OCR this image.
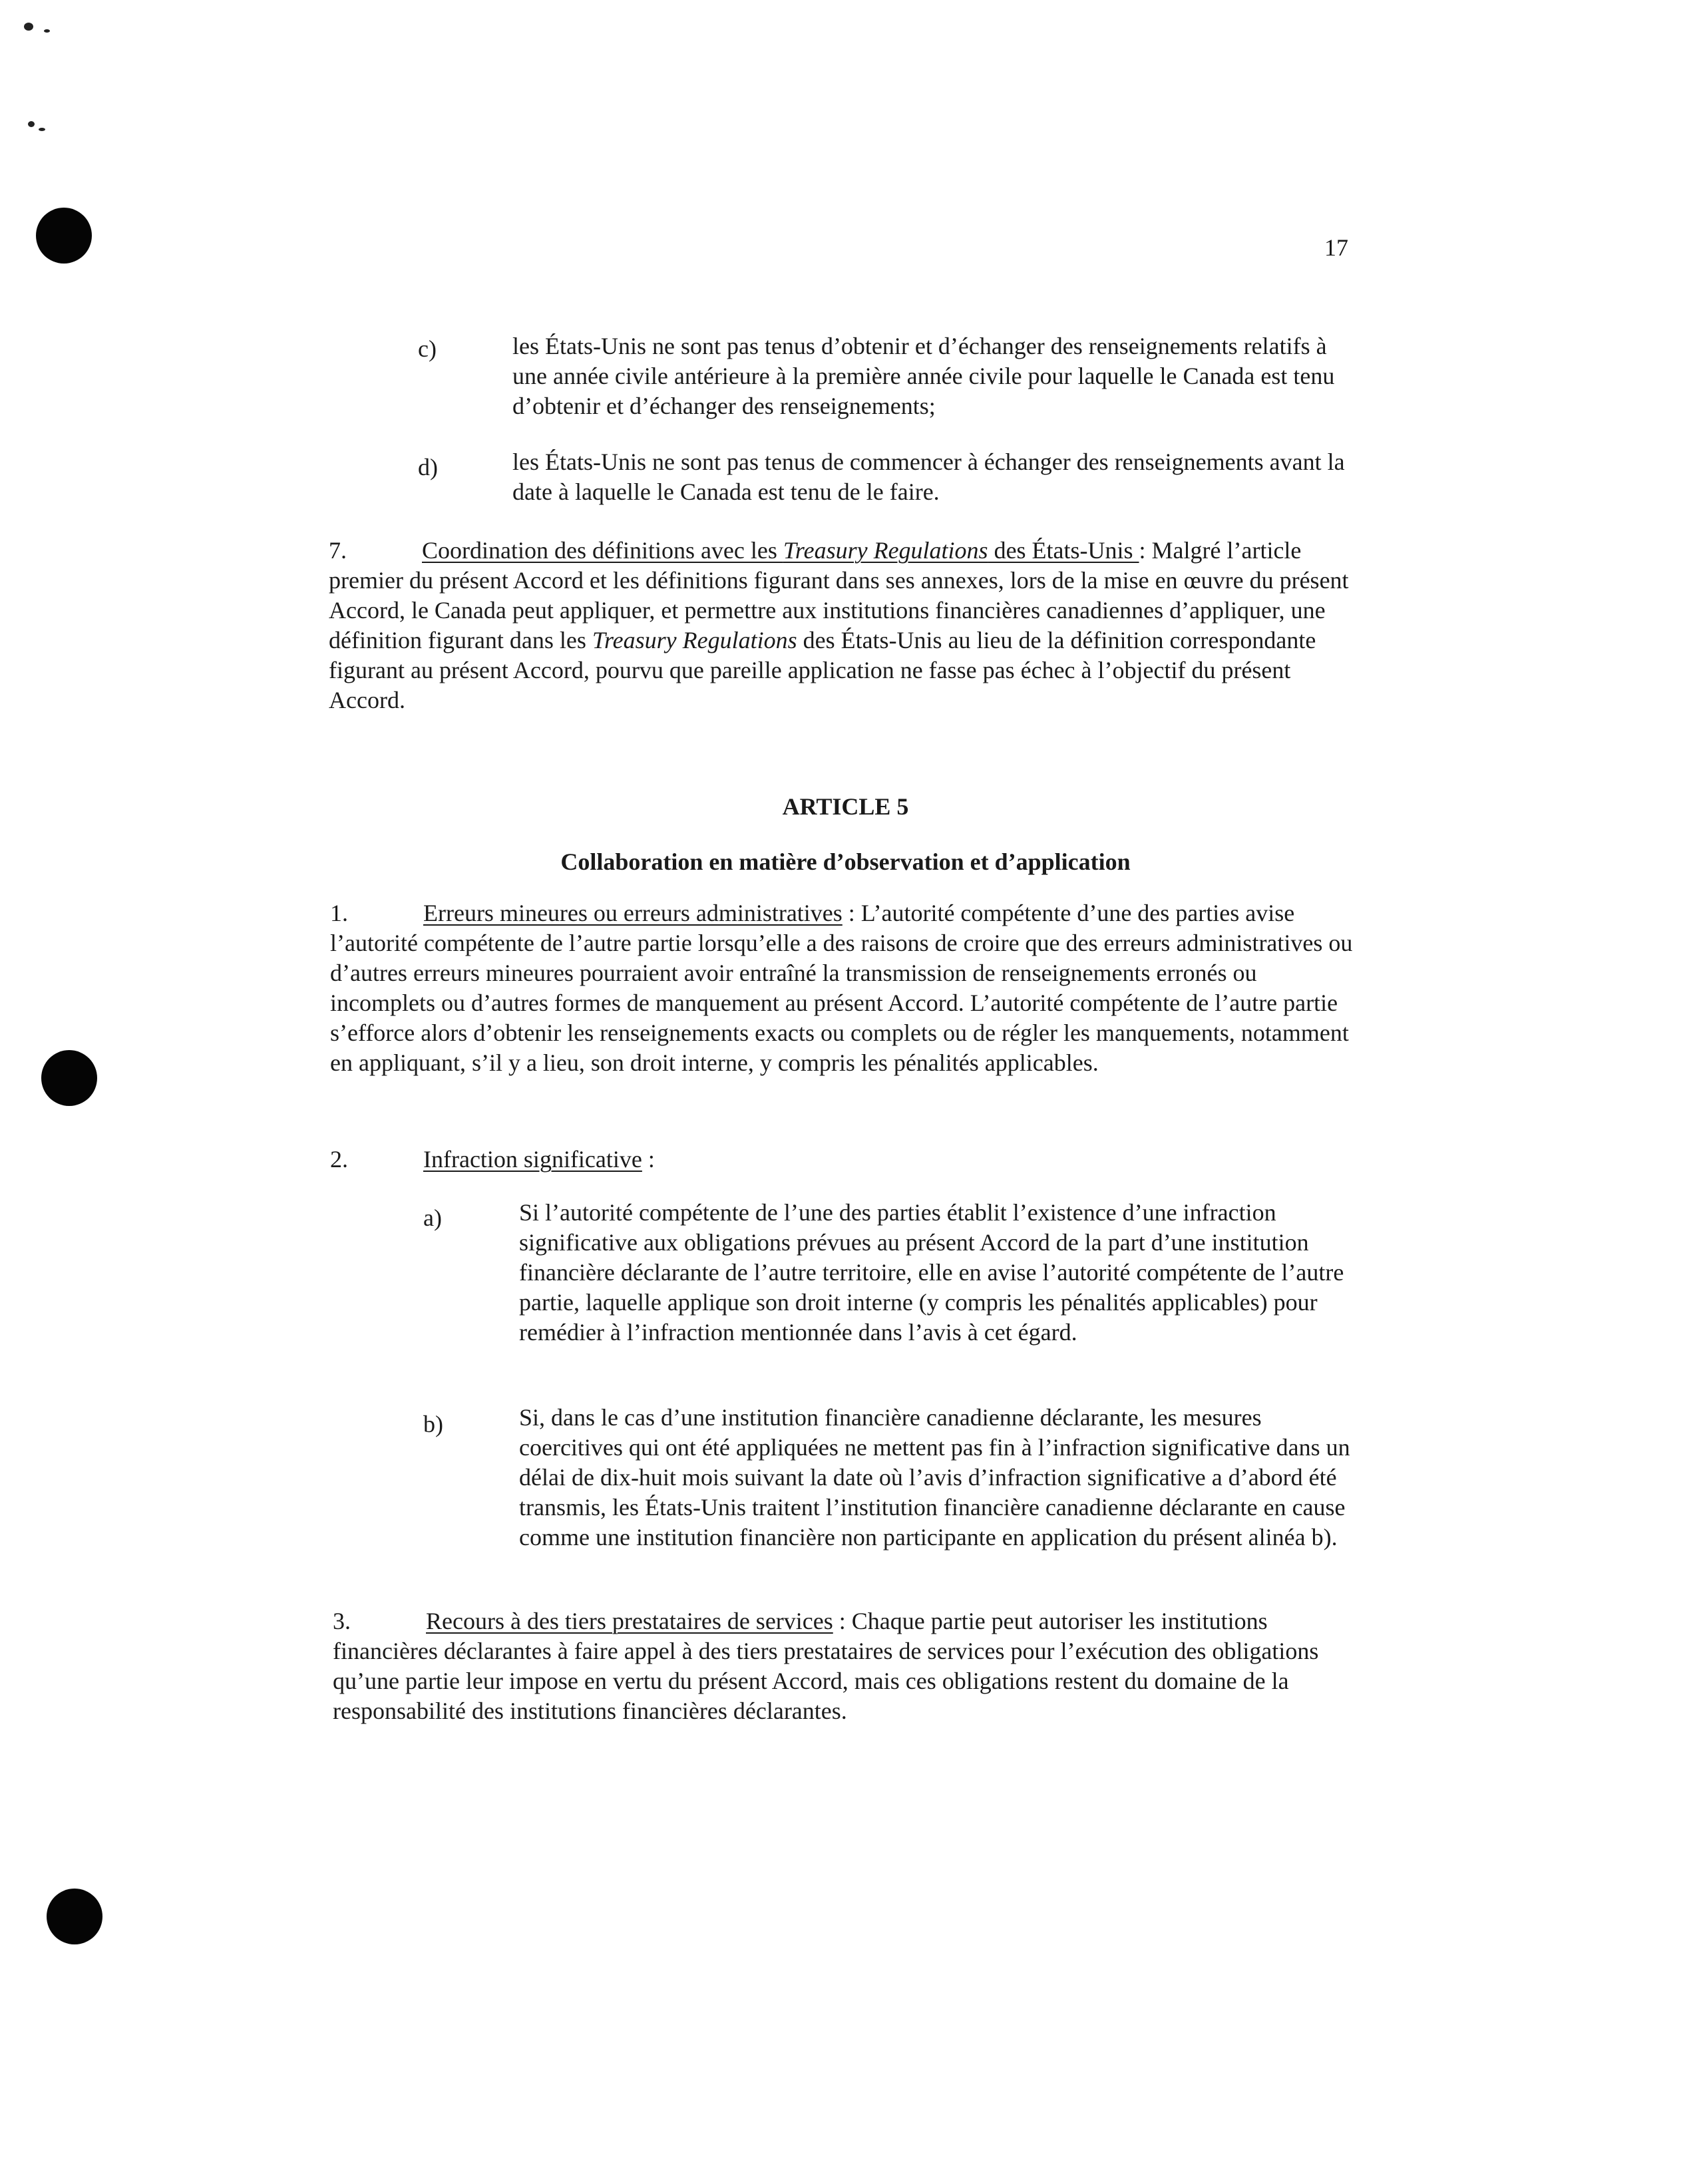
17
c)	les États-Unis ne sont pas tenus d’obtenir et d’échanger des renseignements relatifs à une année civile antérieure à la première année civile pour laquelle le Canada est tenu d’obtenir et d’échanger des renseignements;
d)	les États-Unis ne sont pas tenus de commencer à échanger des renseignements avant la date à laquelle le Canada est tenu de le faire.
7.	Coordination des définitions avec les Treasury Regulations des États-Unis : Malgré l’article premier du présent Accord et les définitions figurant dans ses annexes, lors de la mise en œuvre du présent Accord, le Canada peut appliquer, et permettre aux institutions financières canadiennes d’appliquer, une définition figurant dans les Treasury Regulations des États-Unis au lieu de la définition correspondante figurant au présent Accord, pourvu que pareille application ne fasse pas échec à l’objectif du présent Accord.
ARTICLE 5
Collaboration en matière d’observation et d’application
1.	Erreurs mineures ou erreurs administratives : L’autorité compétente d’une des parties avise l’autorité compétente de l’autre partie lorsqu’elle a des raisons de croire que des erreurs administratives ou d’autres erreurs mineures pourraient avoir entraîné la transmission de renseignements erronés ou incomplets ou d’autres formes de manquement au présent Accord. L’autorité compétente de l’autre partie s’efforce alors d’obtenir les renseignements exacts ou complets ou de régler les manquements, notamment en appliquant, s’il y a lieu, son droit interne, y compris les pénalités applicables.
2.	Infraction significative :
a)	Si l’autorité compétente de l’une des parties établit l’existence d’une infraction significative aux obligations prévues au présent Accord de la part d’une institution financière déclarante de l’autre territoire, elle en avise l’autorité compétente de l’autre partie, laquelle applique son droit interne (y compris les pénalités applicables) pour remédier à l’infraction mentionnée dans l’avis à cet égard.
b)	Si, dans le cas d’une institution financière canadienne déclarante, les mesures coercitives qui ont été appliquées ne mettent pas fin à l’infraction significative dans un délai de dix-huit mois suivant la date où l’avis d’infraction significative a d’abord été transmis, les États-Unis traitent l’institution financière canadienne déclarante en cause comme une institution financière non participante en application du présent alinéa b).
3.	Recours à des tiers prestataires de services : Chaque partie peut autoriser les institutions financières déclarantes à faire appel à des tiers prestataires de services pour l’exécution des obligations qu’une partie leur impose en vertu du présent Accord, mais ces obligations restent du domaine de la responsabilité des institutions financières déclarantes.
